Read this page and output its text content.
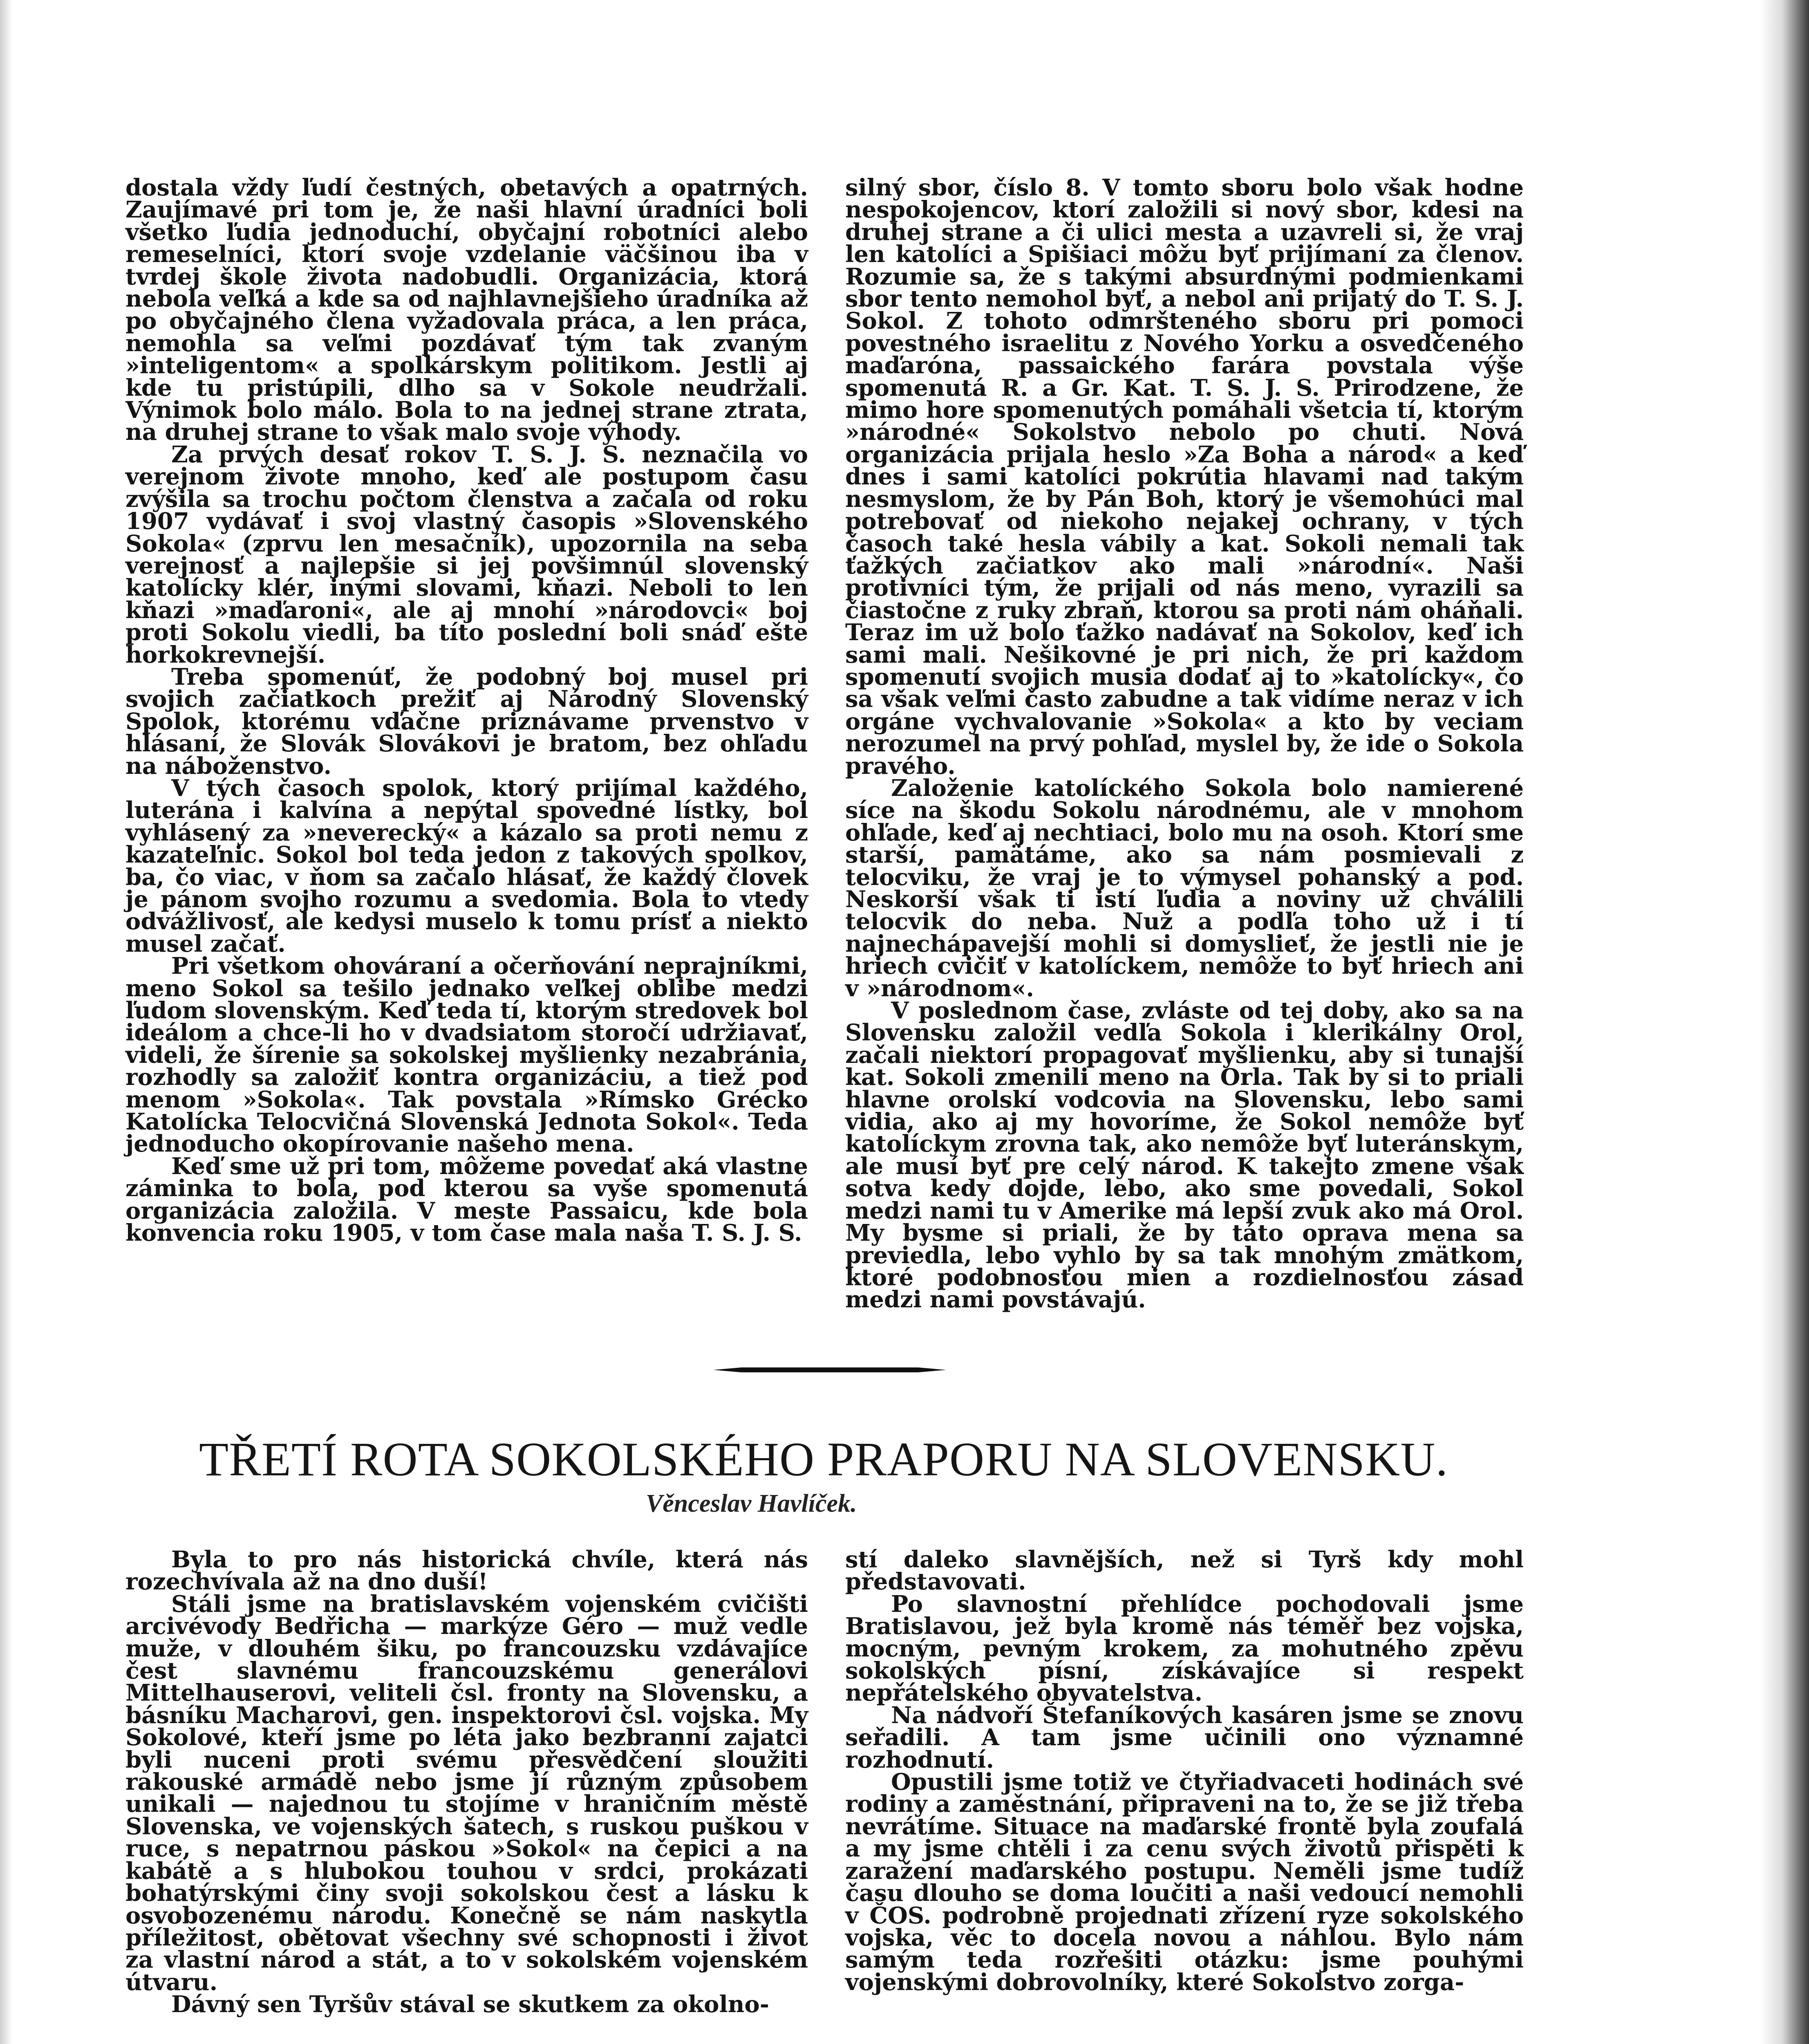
dostala vždy ľudí čestných, obetavých a opatrných. Zaujímavé pri tom je, že naši hlavní úradníci boli všetko ľudia jednoduchí, obyčajní robotníci alebo remeselníci, ktorí svoje vzdelanie väčšinou iba v tvrdej škole života nadobudli. Organizácia, ktorá nebola veľká a kde sa od najhlavnejšieho úradníka až po obyčajného člena vyžadovala práca, a len práca, nemohla sa veľmi pozdávať tým tak zvaným »inteligentom« a spolkárskym politikom. Jestli aj kde tu pristúpili, dlho sa v Sokole neudržali. Výnimok bolo málo. Bola to na jednej strane ztrata, na druhej strane to však malo svoje výhody.

Za prvých desať rokov T. S. J. S. neznačila vo verejnom živote mnoho, keď ale postupom času zvýšila sa trochu počtom členstva a začala od roku 1907 vydávať i svoj vlastný časopis »Slovenského Sokola« (zprvu len mesačník), upozornila na seba verejnosť a najlepšie si jej povšimnúl slovenský katolícky klér, inými slovami, kňazi. Neboli to len kňazi »maďaroni«, ale aj mnohí »národovci« boj proti Sokolu viedli, ba títo poslední boli snáď ešte horkokrevnejší.

Treba spomenúť, že podobný boj musel pri svojich začiatkoch prežiť aj Národný Slovenský Spolok, ktorému vďačne priznávame prvenstvo v hlásaní, že Slovák Slovákovi je bratom, bez ohľadu na náboženstvo.

V tých časoch spolok, ktorý prijímal každého, luterána i kalvína a nepýtal spovedné lístky, bol vyhlásený za »neverecký« a kázalo sa proti nemu z kazateľnic. Sokol bol tedа jedon z takových spolkov, ba, čo viac, v ňom sa začalo hlásať, že každý človek je pánom svojho rozumu a svedomia. Bola to vtedy odvážlivosť, ale kedysi muselo k tomu prísť a niekto musel začať.

Pri všetkom ohováraní a očerňování neprajníkmi, meno Sokol sa tešilo jednako veľkej oblibe medzi ľudom slovenským. Keď teda tí, ktorým stredovek bol ideálom a chce-li ho v dvadsiatom storočí udržiavať, videli, že šírenie sa sokolskej myšlienky nezabrániа, rozhodly sa založiť kontra organizáciu, a tiež pod menom »Sokola«. Tak povstala »Rímsko Grécko Katolícka Telocvičná Slovenská Jednota Sokol«. Teda jednoduchо okopírovanie našeho mena.

Keď sme už pri tom, môžeme povedať aká vlastne záminka to bola, pod kterou sa vyše spomenutá organizácia založila. V meste Passaicu, kde bola konvencia roku 1905, v tom čase mala naša T. S. J. S.

silný sbor, číslo 8. V tomto sboru bolo však hodne nespokojencov, ktorí založili si nový sbor, kdesi na druhej strane a či ulici mesta a uzavreli si, že vraj len katolíci a Spišiaci môžu byť prijímaní za členov. Rozumie sa, že s takými absurdnými podmienkami sbor tento nemohol byť, a nebol ani prijatý do T. S. J. Sokol. Z tohoto odmršteného sboru pri pomoci povestného israelitu z Nového Yorku a osvedčeného maďaróna, passaického farára povstala výše spomenutá R. a Gr. Kat. T. S. J. S. Prirodzene, že mimo hore spomenutých pomáhali všetcia tí, ktorým »národné« Sokolstvo nebolo po chuti. Nová organizácia prijala heslo »Za Boha a národ« a keď dnes i sami katolíci pokrútia hlavami nad takým nesmyslom, že by Pán Boh, ktorý je všemohúci mal potrebovať od niekoho nejakej ochrany, v tých časoch také hesla vábily a kat. Sokoli nemali tak ťažkých začiatkov ako mali »národní«. Naši protivníci tým, že prijali od nás meno, vyrazili sa čiastočne z ruky zbraň, ktorou sa proti nám oháňali. Teraz im už bolo ťažko nadávať na Sokolov, keď ich sami mali. Nešikovné je pri nich, že pri každom spomenutí svojich musia dodať aj to »katolícky«, čo sa však veľmi často zabudne a tak vidíme neraz v ich orgáne vychvalovanie »Sokola« a kto by veciam nerozumel na prvý pohľad, myslel by, že ide o Sokola pravého.

Založenie katolíckého Sokola bolo namierené síce na škodu Sokolu národnému, ale v mnohom ohľade, keď aj nechtiaci, bolo mu na osoh. Ktorí sme starší, pamätáme, ako sa nám posmievali z telocviku, že vraj je to výmysel pohanský a pod. Neskorší však ti istí ľudia a noviny už chválili telocvik do neba. Nuž a podľa toho už i tí najnechápavejší mohli si domyslieť, že jestli nie je hriech cvičiť v katolíckem, nemôže to byť hriech ani v »národnom«.

V poslednom čase, zvláste od tej doby, ako sa na Slovensku založil vedľa Sokola i klerikálny Orol, začali niektorí propagovať myšlienku, aby si tunajší kat. Sokoli zmenili meno na Orla. Tak by si to priali hlavne orolskí vodcovia na Slovensku, lebo sami vidia, ako aj my hovoríme, že Sokol nemôže byť katolíckym zrovna tak, ako nemôže byť luteránskym, ale musí byť pre celý národ. K takejto zmene však sotva kedy dojde, lebo, ako sme povedali, Sokol medzi nami tu v Amerike má lepší zvuk ako má Orol. My bysme si priali, že by táto oprava mena sa previedla, lebo vyhlo by sa tak mnohým zmätkom, ktoré podobnosťou mien a rozdielnosťou zásad medzi nami povstávajú.

TŘETÍ ROTA SOKOLSKÉHO PRAPORU NA SLOVENSKU.
Věnceslav Havlíček.

Byla to pro nás historická chvíle, která nás rozechvívala až na dno duší!

Stáli jsme na bratislavském vojenském cvičišti arcivévody Bedřicha — markýze Géro — muž vedle muže, v dlouhém šiku, po francouzsku vzdávajíce čest slavnému francouzskému generálovi Mittelhauserovi, veliteli čsl. fronty na Slovensku, a básníku Macharovi, gen. inspektorovi čsl. vojska. My Sokolové, kteří jsme po léta jako bezbranní zajatci byli nuceni proti svému přesvědčení sloužiti rakouské armádě nebo jsme jí různým způsobem unikali — najednou tu stojíme v hraničním městě Slovenska, ve vojenských šatech, s ruskou puškou v ruce, s nepatrnou páskou »Sokol« na čepici a na kabátě a s hlubokou touhou v srdci, prokázati bohatýrskými činy svoji sokolskou čest a lásku k osvobozenému národu. Konečně se nám naskytla příležitost, obětovat všechny své schopnosti i život za vlastní národ a stát, a to v sokolském vojenském útvaru.

Dávný sen Tyršův stával se skutkem za okolno-

stí daleko slavnějších, než si Tyrš kdy mohl představovati.

Po slavnostní přehlídce pochodovali jsme Bratislavou, jež byla kromě nás téměř bez vojska, mocným, pevným krokem, za mohutného zpěvu sokolských písní, získávajíce si respekt nepřátelského obyvatelstva.

Na nádvoří Štefaníkových kasáren jsme se znovu seřadili. A tam jsme učinili ono významné rozhodnutí.

Opustili jsme totiž ve čtyřiadvaceti hodinách své rodiny a zaměstnání, připraveni na to, že se již třeba nevrátíme. Situace na maďarské frontě byla zoufalá a my jsme chtěli i za cenu svých životů přispěti k zaražení maďarského postupu. Neměli jsme tudíž času dlouho se doma loučiti a naši vedoucí nemohli v ČOS. podrobně projednati zřízení ryze sokolského vojska, věc to docela novou a náhlou. Bylo nám samým teda rozřešiti otázku: jsme pouhými vojenskými dobrovolníky, které Sokolstvo zorga-
